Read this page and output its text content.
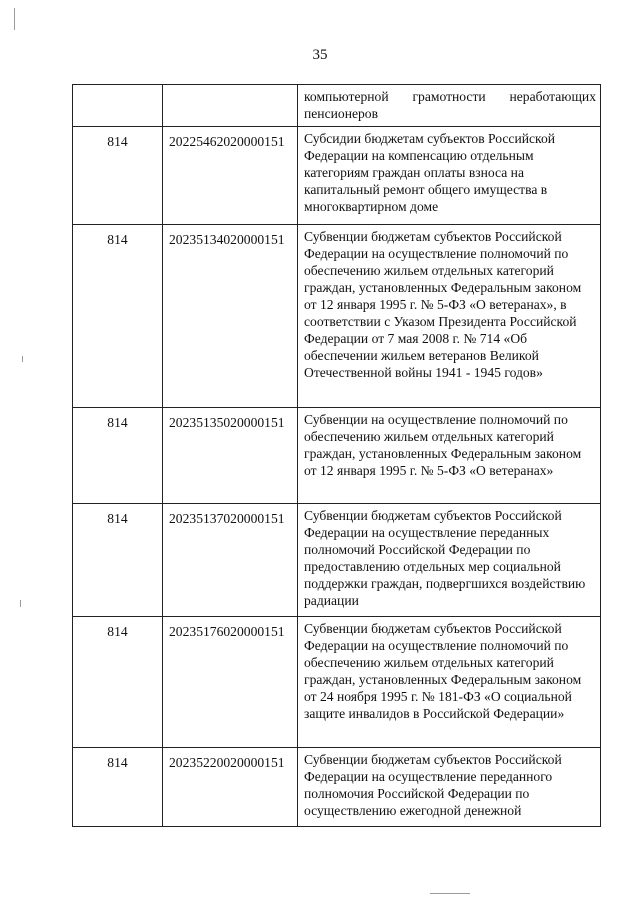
35
		компьютерной грамотности неработающих пенсионеров
814	20225462020000151	Субсидии бюджетам субъектов Российской Федерации на компенсацию отдельным категориям граждан оплаты взноса на капитальный ремонт общего имущества в многоквартирном доме
814	20235134020000151	Субвенции бюджетам субъектов Российской Федерации на осуществление полномочий по обеспечению жильем отдельных категорий граждан, установленных Федеральным законом от 12 января 1995 г. № 5-ФЗ «О ветеранах», в соответствии с Указом Президента Российской Федерации от 7 мая 2008 г. № 714 «Об обеспечении жильем ветеранов Великой Отечественной войны 1941 - 1945 годов»
814	20235135020000151	Субвенции на осуществление полномочий по обеспечению жильем отдельных категорий граждан, установленных Федеральным законом от 12 января 1995 г. № 5-ФЗ «О ветеранах»
814	20235137020000151	Субвенции бюджетам субъектов Российской Федерации на осуществление переданных полномочий Российской Федерации по предоставлению отдельных мер социальной поддержки граждан, подвергшихся воздействию радиации
814	20235176020000151	Субвенции бюджетам субъектов Российской Федерации на осуществление полномочий по обеспечению жильем отдельных категорий граждан, установленных Федеральным законом от 24 ноября 1995 г. № 181-ФЗ «О социальной защите инвалидов в Российской Федерации»
814	20235220020000151	Субвенции бюджетам субъектов Российской Федерации на осуществление переданного полномочия Российской Федерации по осуществлению ежегодной денежной
